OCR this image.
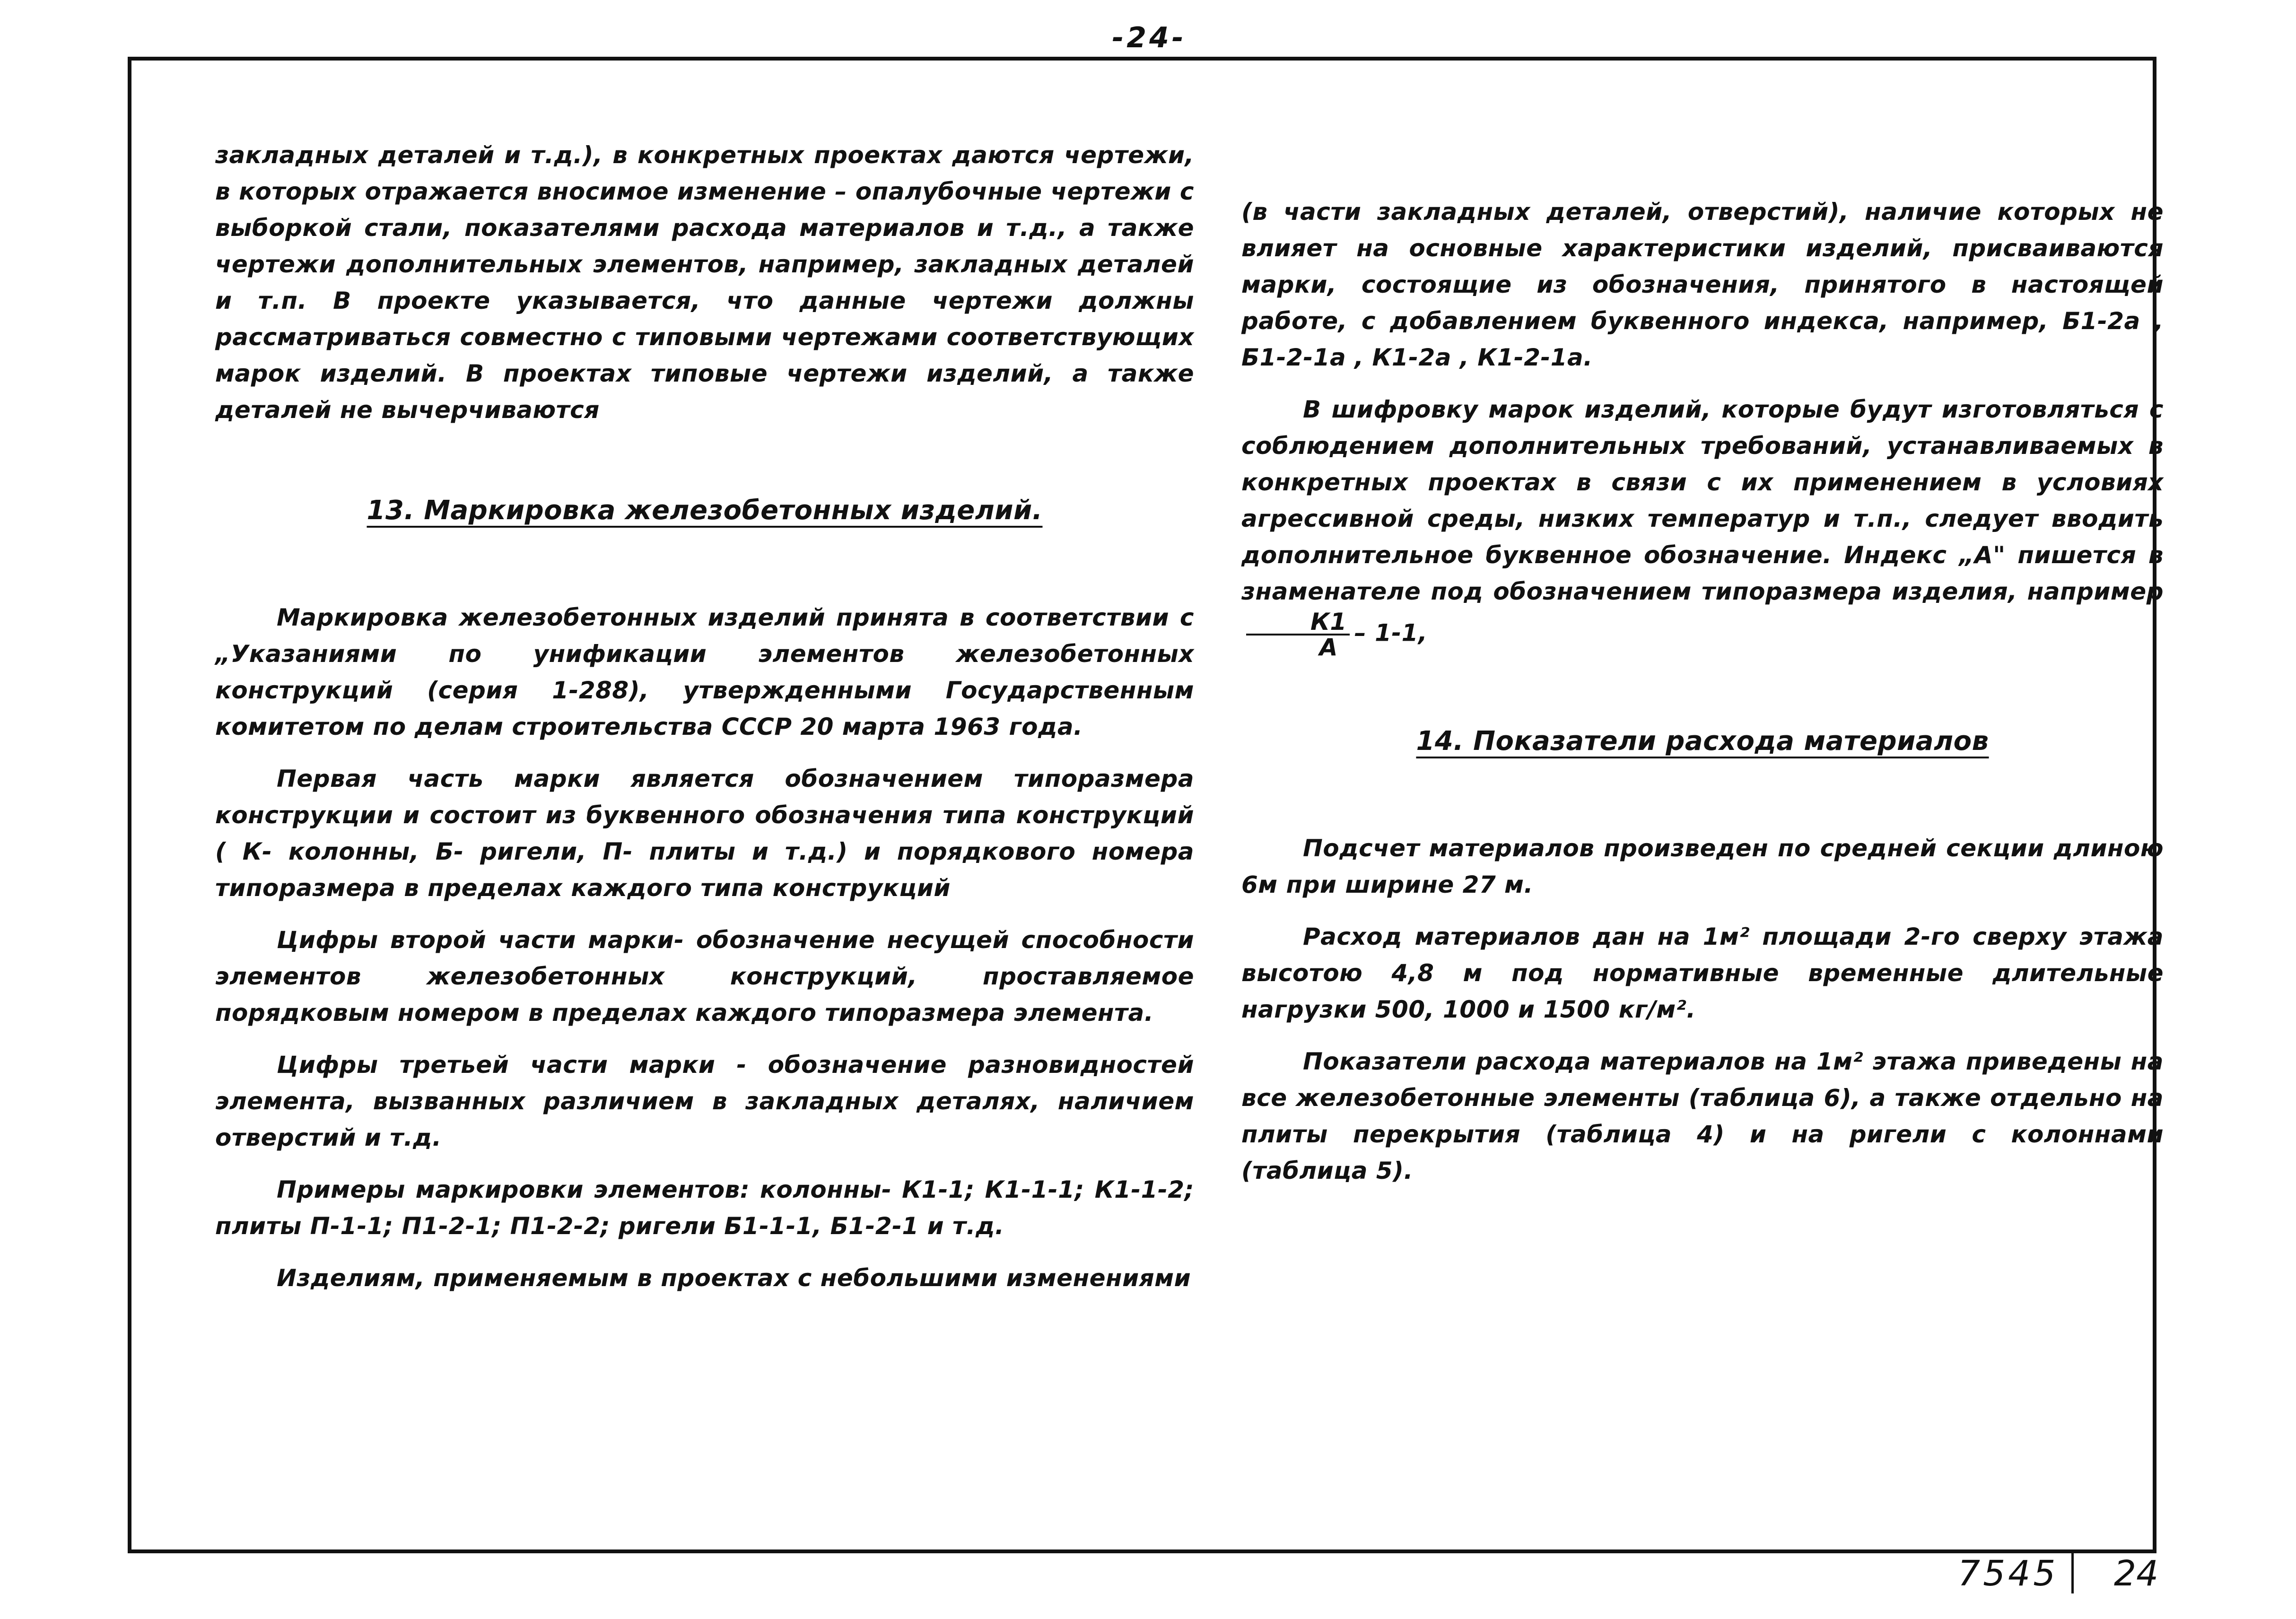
-24-

закладных деталей и т.д.), в конкретных проектах даются чертежи, в которых отражается вносимое изменение – опалубочные чертежи с выборкой стали, показателями расхода материалов и т.д., а также чертежи дополнительных элементов, например, закладных деталей и т.п. В проекте указывается, что данные чертежи должны рассматриваться совместно с типовыми чертежами соответствующих марок изделий. В проектах типовые чертежи изделий, а также деталей не вычерчиваются

13. Маркировка железобетонных изделий.

Маркировка железобетонных изделий принята в соответствии с „Указаниями по унификации элементов железобетонных конструкций (серия 1-288), утвержденными Государственным комитетом по делам строительства СССР 20 марта 1963 года.

Первая часть марки является обозначением типоразмера конструкции и состоит из буквенного обозначения типа конструкций ( К- колонны, Б- ригели, П- плиты и т.д.) и порядкового номера типоразмера в пределах каждого типа конструкций

Цифры второй части марки- обозначение несущей способности элементов железобетонных конструкций, проставляемое порядковым номером в пределах каждого типоразмера элемента.

Цифры третьей части марки - обозначение разновидностей элемента, вызванных различием в закладных деталях, наличием отверстий и т.д.

Примеры маркировки элементов: колонны- К1-1; К1-1-1; К1-1-2; плиты П-1-1; П1-2-1; П1-2-2; ригели Б1-1-1, Б1-2-1 и т.д.

Изделиям, применяемым в проектах с небольшими изменениями

(в части закладных деталей, отверстий), наличие которых не влияет на основные характеристики изделий, присваиваются марки, состоящие из обозначения, принятого в настоящей работе, с добавлением буквенного индекса, например, Б1-2а , Б1-2-1а , К1-2а , К1-2-1а.

В шифровку марок изделий, которые будут изготовляться с соблюдением дополнительных требований, устанавливаемых в конкретных проектах в связи с их применением в условиях агрессивной среды, низких температур и т.п., следует вводить дополнительное буквенное обозначение. Индекс „А" пишется в знаменателе под обозначением типоразмера изделия, например
$\frac{К1}{А} - 1-1$,

14. Показатели расхода материалов

Подсчет материалов произведен по средней секции длиною 6м при ширине 27 м.

Расход материалов дан на 1м² площади 2-го сверху этажа высотою 4,8 м под нормативные временные длительные нагрузки 500, 1000 и 1500 кг/м².

Показатели расхода материалов на 1м² этажа приведены на все железобетонные элементы (таблица 6), а также отдельно на плиты перекрытия (таблица 4) и на ригели с колоннами (таблица 5).

7545 24
